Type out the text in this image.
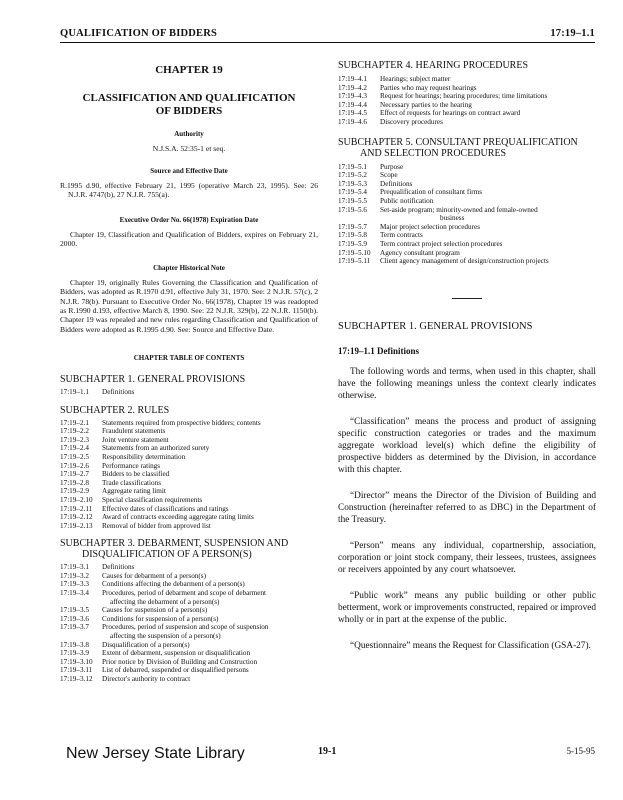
QUALIFICATION OF BIDDERS	17:19–1.1
CHAPTER 19
CLASSIFICATION AND QUALIFICATION
OF BIDDERS
Authority
N.J.S.A. 52:35-1 et seq.
Source and Effective Date
R.1995 d.90, effective February 21, 1995 (operative March 23, 1995). See: 26 N.J.R. 4747(b), 27 N.J.R. 755(a).
Executive Order No. 66(1978) Expiration Date
Chapter 19, Classification and Qualification of Bidders, expires on February 21, 2000.
Chapter Historical Note
Chapter 19, originally Rules Governing the Classification and Qualification of Bidders, was adopted as R.1970 d.91, effective July 31, 1970. See: 2 N.J.R. 57(c), 2 N.J.R. 78(b). Pursuant to Executive Order No. 66(1978), Chapter 19 was readopted as R.1990 d.193, effective March 8, 1990. See: 22 N.J.R. 329(b), 22 N.J.R. 1150(b). Chapter 19 was repealed and new rules regarding Classification and Qualification of Bidders were adopted as R.1995 d.90. See: Source and Effective Date.
CHAPTER TABLE OF CONTENTS
SUBCHAPTER 1. GENERAL PROVISIONS
17:19–1.1	Definitions
SUBCHAPTER 2. RULES
17:19–2.1	Statements required from prospective bidders; contents
17:19–2.2	Fraudulent statements
17:19–2.3	Joint venture statement
17:19–2.4	Statements from an authorized surety
17:19–2.5	Responsibility determination
17:19–2.6	Performance ratings
17:19–2.7	Bidders to be classified
17:19–2.8	Trade classifications
17:19–2.9	Aggregate rating limit
17:19–2.10	Special classification requirements
17:19–2.11	Effective dates of classifications and ratings
17:19–2.12	Award of contracts exceeding aggregate rating limits
17:19–2.13	Removal of bidder from approved list
SUBCHAPTER 3. DEBARMENT, SUSPENSION AND
DISQUALIFICATION OF A PERSON(S)
17:19–3.1	Definitions
17:19–3.2	Causes for debarment of a person(s)
17:19–3.3	Conditions affecting the debarment of a person(s)
17:19–3.4	Procedures, period of debarment and scope of debarment
affecting the debarment of a person(s)
17:19–3.5	Causes for suspension of a person(s)
17:19–3.6	Conditions for suspension of a person(s)
17:19–3.7	Procedures, period of suspension and scope of suspension
affecting the suspension of a person(s)
17:19–3.8	Disqualification of a person(s)
17:19–3.9	Extent of debarment, suspension or disqualification
17:19–3.10	Prior notice by Division of Building and Construction
17:19–3.11	List of debarred, suspended or disqualified persons
17:19–3.12	Director's authority to contract
SUBCHAPTER 4. HEARING PROCEDURES
17:19–4.1	Hearings; subject matter
17:19–4.2	Parties who may request hearings
17:19–4.3	Request for hearings; hearing procedures; time limitations
17:19–4.4	Necessary parties to the hearing
17:19–4.5	Effect of requests for hearings on contract award
17:19–4.6	Discovery procedures
SUBCHAPTER 5. CONSULTANT PREQUALIFICATION
AND SELECTION PROCEDURES
17:19–5.1	Purpose
17:19–5.2	Scope
17:19–5.3	Definitions
17:19–5.4	Prequalification of consultant firms
17:19–5.5	Public notification
17:19–5.6	Set-aside program; minority-owned and female-owned
business
17:19–5.7	Major project selection procedures
17:19–5.8	Term contracts
17:19–5.9	Term contract project selection procedures
17:19–5.10	Agency consultant program
17:19–5.11	Client agency management of design/construction projects
SUBCHAPTER 1. GENERAL PROVISIONS
17:19–1.1 Definitions

The following words and terms, when used in this chapter, shall have the following meanings unless the context clearly indicates otherwise.

“Classification” means the process and product of assigning specific construction categories or trades and the maximum aggregate workload level(s) which define the eligibility of prospective bidders as determined by the Division, in accordance with this chapter.

“Director” means the Director of the Division of Building and Construction (hereinafter referred to as DBC) in the Department of the Treasury.

“Person” means any individual, copartnership, association, corporation or joint stock company, their lessees, trustees, assignees or receivers appointed by any court whatsoever.

“Public work” means any public building or other public betterment, work or improvements constructed, repaired or improved wholly or in part at the expense of the public.

“Questionnaire” means the Request for Classification (GSA-27).

New Jersey State Library	19-1	5-15-95
